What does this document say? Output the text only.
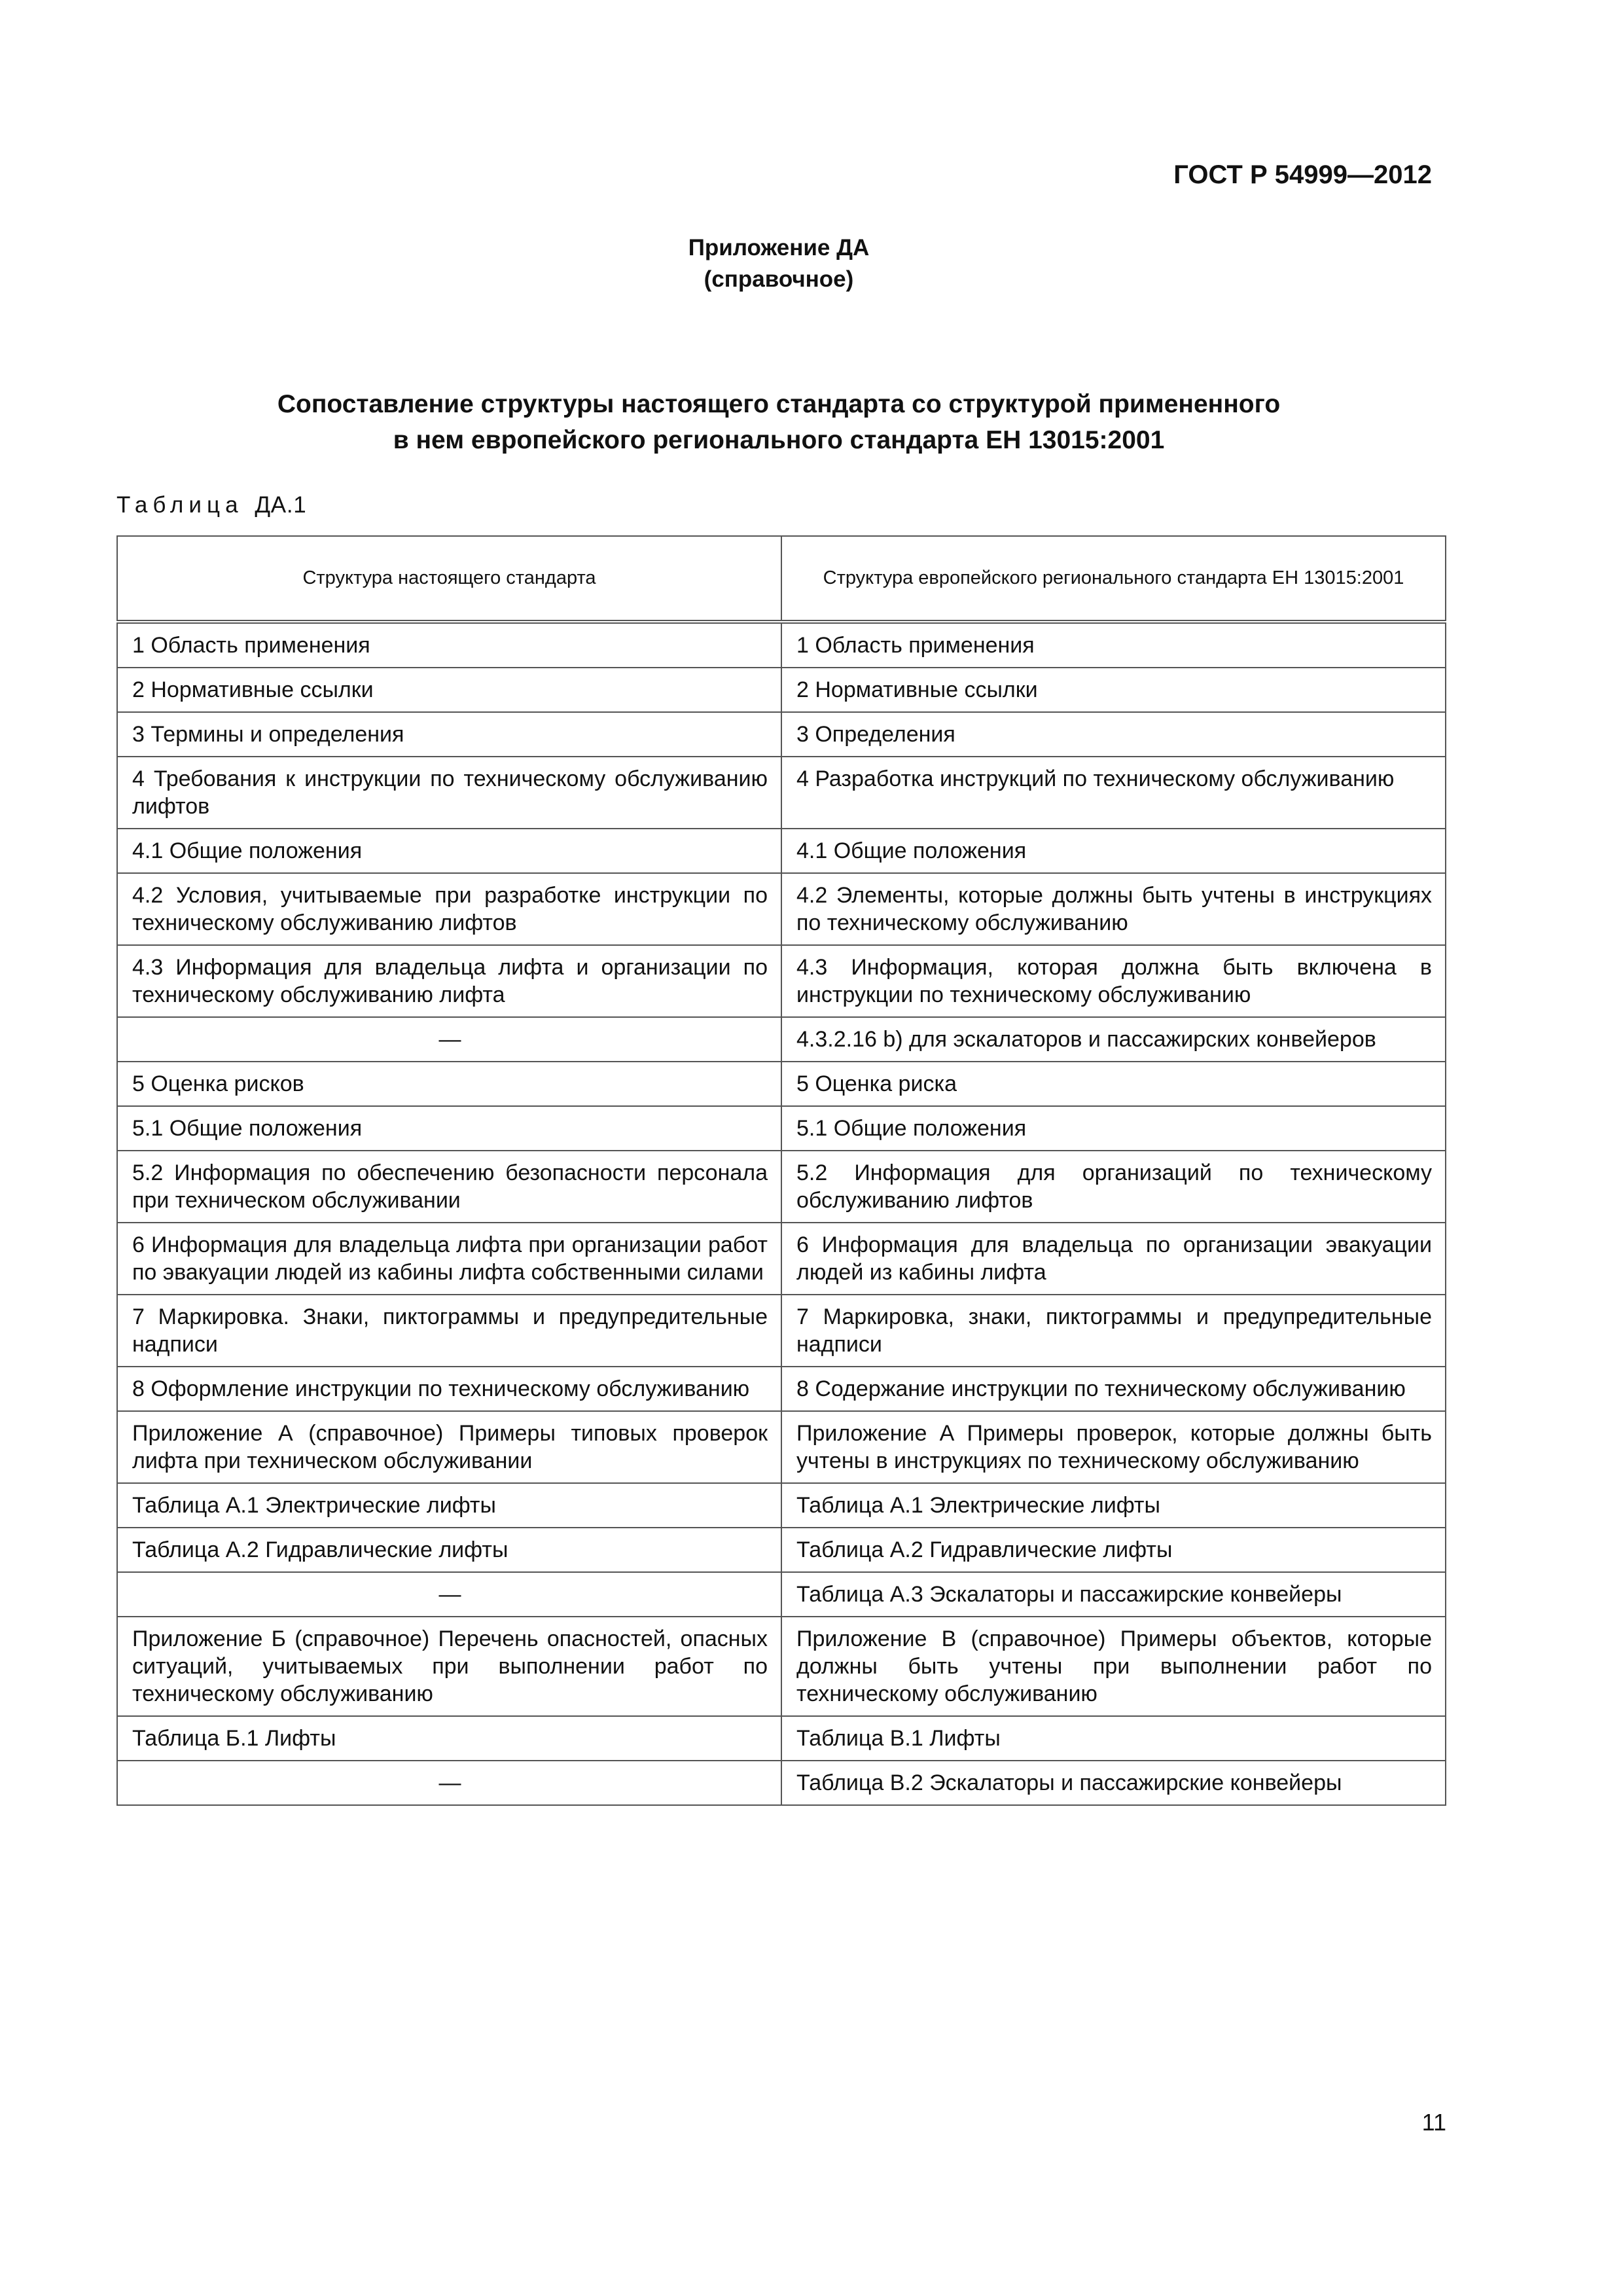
ГОСТ Р 54999—2012
Приложение ДА
(справочное)
Сопоставление структуры настоящего стандарта со структурой примененного
в нем европейского регионального стандарта ЕН 13015:2001
Таблица ДА.1
Структура настоящего стандарта	Структура европейского регионального стандарта ЕН 13015:2001
1 Область применения	1 Область применения
2 Нормативные ссылки	2 Нормативные ссылки
3 Термины и определения	3 Определения
4 Требования к инструкции по техническому обслуживанию лифтов	4 Разработка инструкций по техническому обслуживанию
4.1 Общие положения	4.1 Общие положения
4.2 Условия, учитываемые при разработке инструкции по техническому обслуживанию лифтов	4.2 Элементы, которые должны быть учтены в инструкциях по техническому обслуживанию
4.3 Информация для владельца лифта и организации по техническому обслуживанию лифта	4.3 Информация, которая должна быть включена в инструкции по техническому обслуживанию
—	4.3.2.16 b) для эскалаторов и пассажирских конвейеров
5 Оценка рисков	5 Оценка риска
5.1 Общие положения	5.1 Общие положения
5.2 Информация по обеспечению безопасности персонала при техническом обслуживании	5.2 Информация для организаций по техническому обслуживанию лифтов
6 Информация для владельца лифта при организации работ по эвакуации людей из кабины лифта собственными силами	6 Информация для владельца по организации эвакуации людей из кабины лифта
7 Маркировка. Знаки, пиктограммы и предупредительные надписи	7 Маркировка, знаки, пиктограммы и предупредительные надписи
8 Оформление инструкции по техническому обслуживанию	8 Содержание инструкции по техническому обслуживанию
Приложение А (справочное) Примеры типовых проверок лифта при техническом обслуживании	Приложение А Примеры проверок, которые должны быть учтены в инструкциях по техническому обслуживанию
Таблица А.1 Электрические лифты	Таблица А.1 Электрические лифты
Таблица А.2 Гидравлические лифты	Таблица А.2 Гидравлические лифты
—	Таблица А.3 Эскалаторы и пассажирские конвейеры
Приложение Б (справочное) Перечень опасностей, опасных ситуаций, учитываемых при выполнении работ по техническому обслуживанию	Приложение В (справочное) Примеры объектов, которые должны быть учтены при выполнении работ по техническому обслуживанию
Таблица Б.1 Лифты	Таблица В.1 Лифты
—	Таблица В.2 Эскалаторы и пассажирские конвейеры
11
